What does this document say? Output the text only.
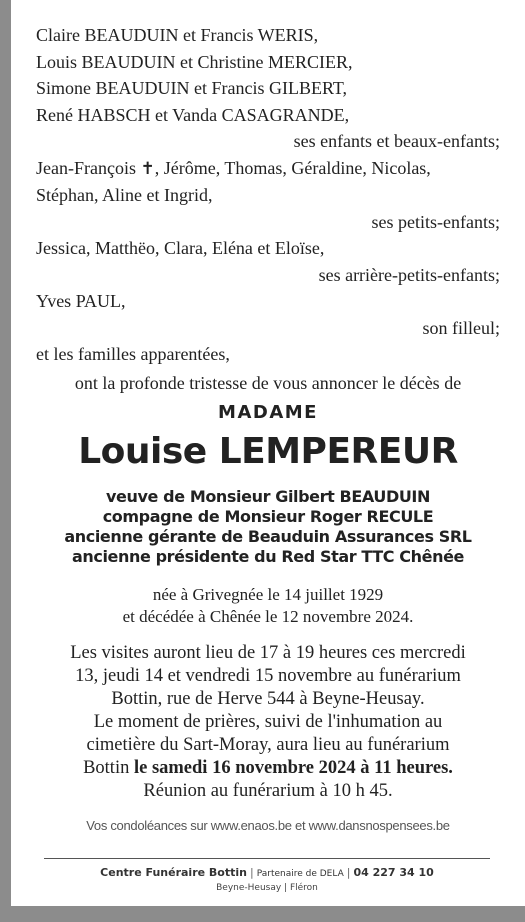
Claire BEAUDUIN et Francis WERIS,
Louis BEAUDUIN et Christine MERCIER,
Simone BEAUDUIN et Francis GILBERT,
René HABSCH et Vanda CASAGRANDE,
ses enfants et beaux-enfants;
Jean-François ✝, Jérôme, Thomas, Géraldine, Nicolas,
Stéphan, Aline et Ingrid,
ses petits-enfants;
Jessica, Matthëo, Clara, Eléna et Eloïse,
ses arrière-petits-enfants;
Yves PAUL,
son filleul;
et les familles apparentées,
ont la profonde tristesse de vous annoncer le décès de
MADAME
Louise LEMPEREUR
veuve de Monsieur Gilbert BEAUDUIN
compagne de Monsieur Roger RECULE
ancienne gérante de Beauduin Assurances SRL
ancienne présidente du Red Star TTC Chênée
née à Grivegnée le 14 juillet 1929
et décédée à Chênée le 12 novembre 2024.
Les visites auront lieu de 17 à 19 heures ces mercredi
13, jeudi 14 et vendredi 15 novembre au funérarium
Bottin, rue de Herve 544 à Beyne-Heusay.
Le moment de prières, suivi de l'inhumation au
cimetière du Sart-Moray, aura lieu au funérarium
Bottin le samedi 16 novembre 2024 à 11 heures.
Réunion au funérarium à 10 h 45.
Vos condoléances sur www.enaos.be et www.dansnospensees.be
Centre Funéraire Bottin | Partenaire de DELA | 04 227 34 10
Beyne-Heusay | Fléron
